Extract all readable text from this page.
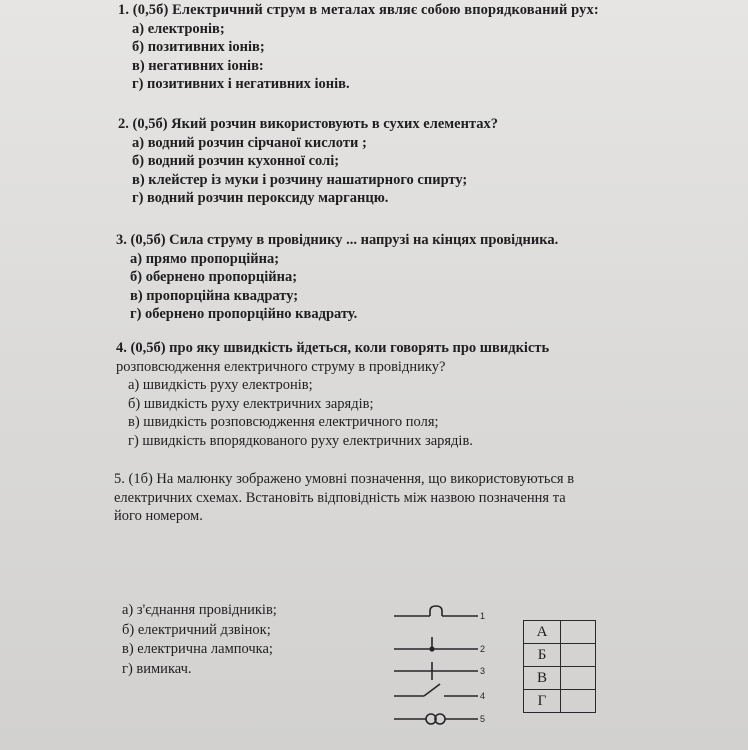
1. (0,5б) Електричний струм в металах являє собою впорядкований рух:

а) електронів;

б) позитивних іонів;

в) негативних іонів:

г) позитивних і негативних іонів.

2. (0,5б) Який розчин використовують в сухих елементах?

а) водний розчин сірчаної кислоти ;

б) водний розчин кухонної солі;

в) клейстер із муки і розчину нашатирного спирту;

г) водний розчин пероксиду марганцю.

3. (0,5б) Сила струму в провіднику ... напрузі на кінцях провідника.

а) прямо пропорційна;

б) обернено пропорційна;

в) пропорційна квадрату;

г) обернено пропорційно квадрату.

4. (0,5б) про яку швидкість йдеться, коли говорять про швидкість

розповсюдження електричного струму в провіднику?

а) швидкість руху електронів;

б) швидкість руху електричних зарядів;

в) швидкість розповсюдження електричного поля;

г) швидкість впорядкованого руху електричних зарядів.

5. (1б) На малюнку зображено умовні позначення, що використовуються в

електричних схемах. Встановіть відповідність між назвою позначення та

його номером.

а) з'єднання провідників;

б) електричний дзвінок;

в) електрична лампочка;

г) вимикач.

1
2
3
4
5
А	
Б	
В	
Г	
